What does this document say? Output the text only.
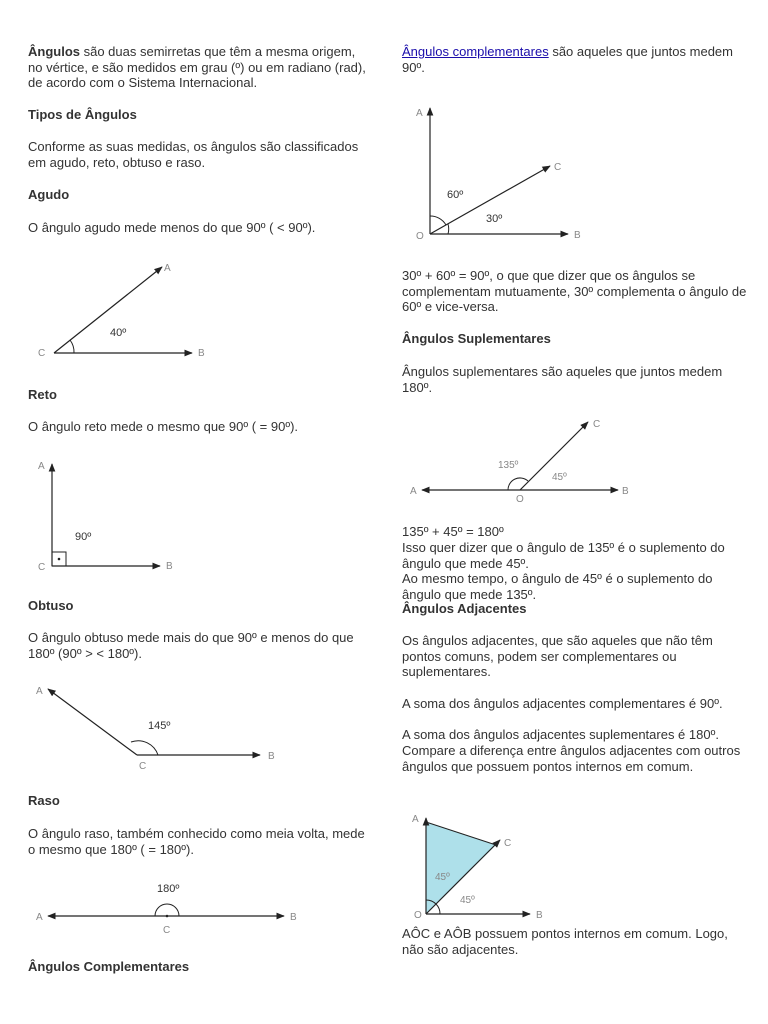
Ângulos são duas semirretas que têm a mesma origem, no vértice, e são medidos em grau (º) ou em radiano (rad), de acordo com o Sistema Internacional.

Tipos de Ângulos

Conforme as suas medidas, os ângulos são classificados em agudo, reto, obtuso e raso.

Agudo

O ângulo agudo mede menos do que 90º ( < 90º).

A
B
C
40º

Reto

O ângulo reto mede o mesmo que 90º ( = 90º).

A
B
C
90º

Obtuso

O ângulo obtuso mede mais do que 90º e menos do que 180º (90º > < 180º).

A
B
C
145º

Raso

O ângulo raso, também conhecido como meia volta, mede o mesmo que 180º ( = 180º).

A	B
C
180º

Ângulos Complementares

Ângulos complementares são aqueles que juntos medem 90º.

A
C
B
O
60º
30º

30º + 60º = 90º, o que que dizer que os ângulos se complementam mutuamente, 30º complementa o ângulo de 60º e vice-versa.

Ângulos Suplementares

Ângulos suplementares são aqueles que juntos medem 180º.

A	B
C
O
135º
45º

135º + 45º = 180º

Isso quer dizer que o ângulo de 135º é o suplemento do ângulo que mede 45º.

Ao mesmo tempo, o ângulo de 45º é o suplemento do ângulo que mede 135º.

Ângulos Adjacentes

Os ângulos adjacentes, que são aqueles que não têm pontos comuns, podem ser complementares ou suplementares.

A soma dos ângulos adjacentes complementares é 90º.

A soma dos ângulos adjacentes suplementares é 180º.

Compare a diferença entre ângulos adjacentes com outros ângulos que possuem pontos internos em comum.

A
C
B
O
45º
45º

AÔC e AÔB possuem pontos internos em comum. Logo, não são adjacentes.
